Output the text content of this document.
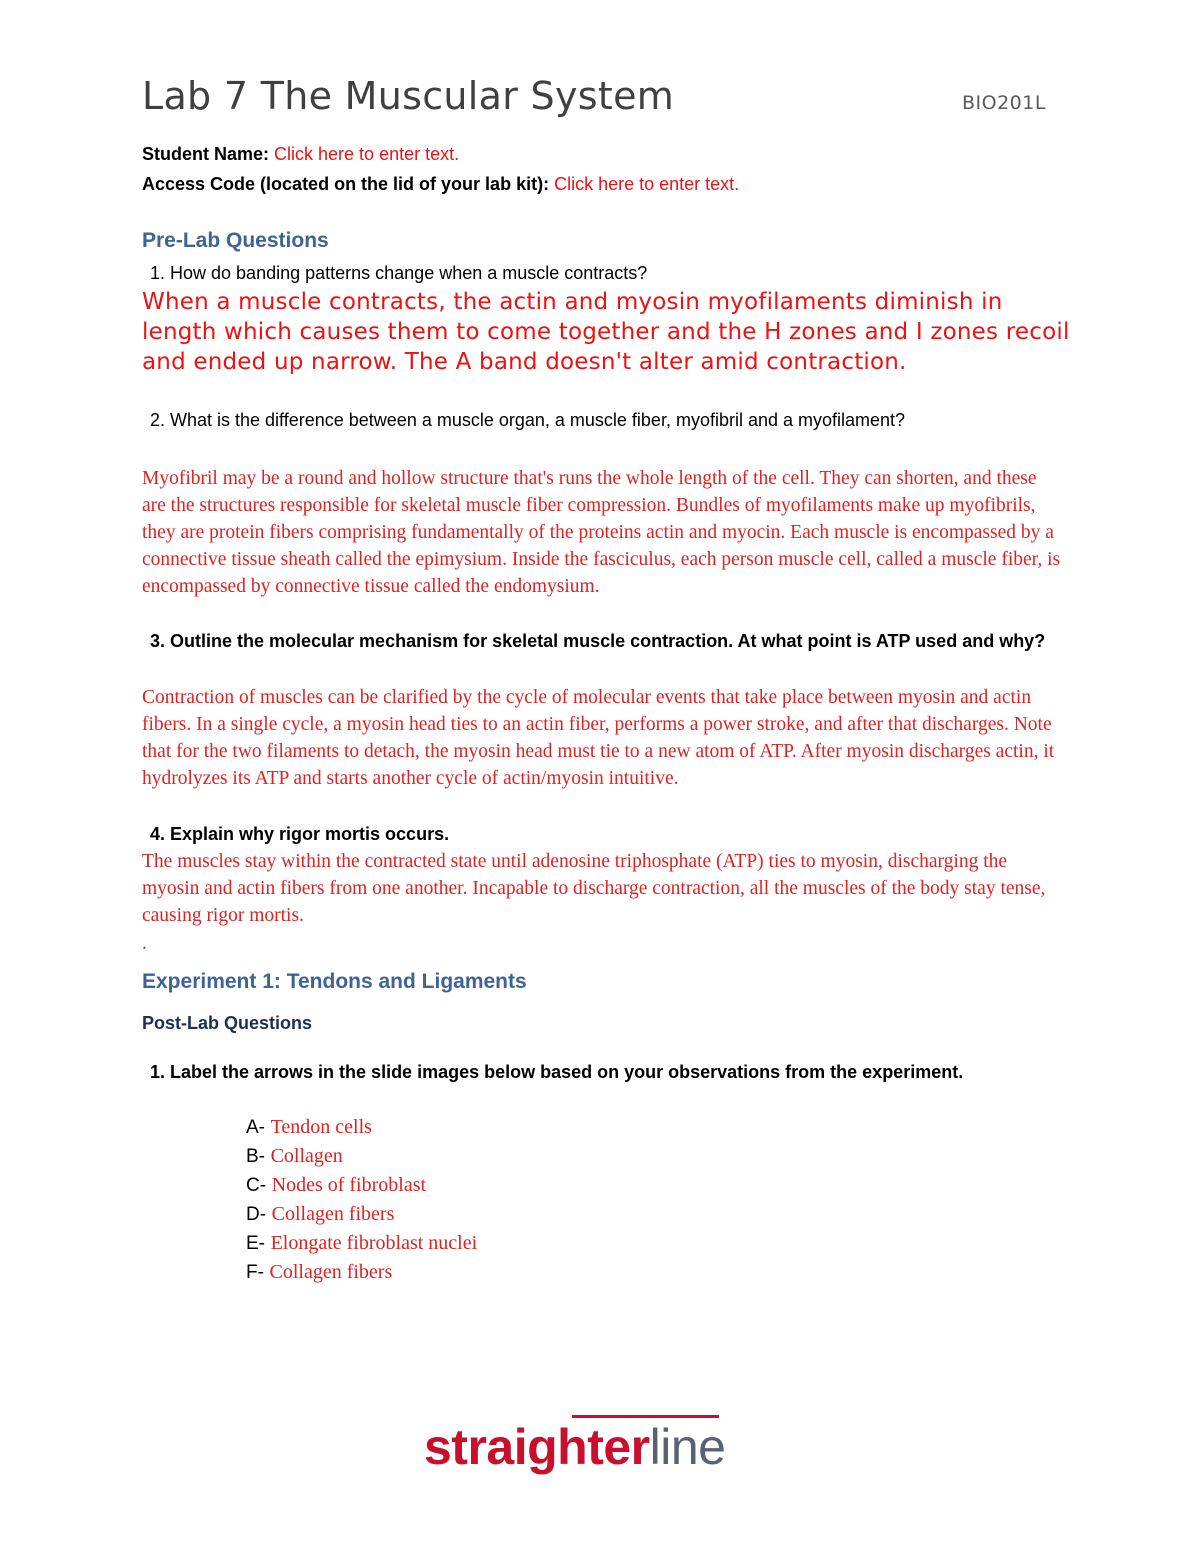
Lab 7 The Muscular System	BIO201L
Student Name: Click here to enter text.
Access Code (located on the lid of your lab kit): Click here to enter text.
Pre-Lab Questions
1. How do banding patterns change when a muscle contracts?
When a muscle contracts, the actin and myosin myofilaments diminish in length which causes them to come together and the H zones and I zones recoil and ended up narrow. The A band doesn't alter amid contraction.
2. What is the difference between a muscle organ, a muscle fiber, myofibril and a myofilament?
Myofibril may be a round and hollow structure that's runs the whole length of the cell. They can shorten, and these are the structures responsible for skeletal muscle fiber compression. Bundles of myofilaments make up myofibrils, they are protein fibers comprising fundamentally of the proteins actin and myocin. Each muscle is encompassed by a connective tissue sheath called the epimysium. Inside the fasciculus, each person muscle cell, called a muscle fiber, is encompassed by connective tissue called the endomysium.
3. Outline the molecular mechanism for skeletal muscle contraction. At what point is ATP used and why?
Contraction of muscles can be clarified by the cycle of molecular events that take place between myosin and actin fibers. In a single cycle, a myosin head ties to an actin fiber, performs a power stroke, and after that discharges. Note that for the two filaments to detach, the myosin head must tie to a new atom of ATP. After myosin discharges actin, it hydrolyzes its ATP and starts another cycle of actin/myosin intuitive.
4. Explain why rigor mortis occurs.
The muscles stay within the contracted state until adenosine triphosphate (ATP) ties to myosin, discharging the myosin and actin fibers from one another. Incapable to discharge contraction, all the muscles of the body stay tense, causing rigor mortis.
.
Experiment 1: Tendons and Ligaments
Post-Lab Questions
1. Label the arrows in the slide images below based on your observations from the experiment.
A- Tendon cells
B- Collagen
C- Nodes of fibroblast
D- Collagen fibers
E- Elongate fibroblast nuclei
F- Collagen fibers
straighterline
